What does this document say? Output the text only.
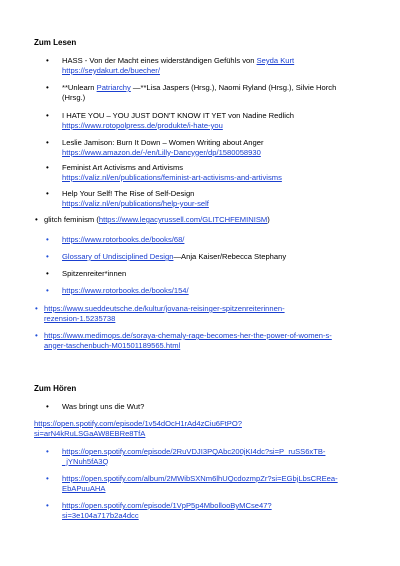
Zum Lesen
• HASS - Von der Macht eines widerständigen Gefühls von Seyda Kurt
https://seydakurt.de/buecher/
• **Unlearn Patriarchy —**Lisa Jaspers (Hrsg.), Naomi Ryland (Hrsg.), Silvie Horch
(Hrsg.)
• I HATE YOU – YOU JUST DON'T KNOW IT YET von Nadine Redlich
https://www.rotopolpress.de/produkte/i-hate-you
• Leslie Jamison: Burn It Down – Women Writing about Anger
https://www.amazon.de/-/en/Lilly-Dancyger/dp/1580058930
• Feminist Art Activisms and Artivisms
https://valiz.nl/en/publications/feminist-art-activisms-and-artivisms
• Help Your Self! The Rise of Self-Design
https://valiz.nl/en/publications/help-your-self
• glitch feminism (https://www.legacyrussell.com/GLITCHFEMINISM)
• https://www.rotorbooks.de/books/68/
• Glossary of Undisciplined Design—Anja Kaiser/Rebecca Stephany
• Spitzenreiter*innen
• https://www.rotorbooks.de/books/154/
• https://www.sueddeutsche.de/kultur/jovana-reisinger-spitzenreiterinnen-
rezension-1.5235738
• https://www.medimops.de/soraya-chemaly-rage-becomes-her-the-power-of-women-s-
anger-taschenbuch-M01501189565.html
Zum Hören
• Was bringt uns die Wut?
https://open.spotify.com/episode/1v54dOcH1rAd4zCiu6FtPO?
si=arN4kRuLSGaAW8EBRe8TfA
• https://open.spotify.com/episode/2RuVDJI3PQAbc200jKI4dc?si=P_ruSS6xTB-
_jYNuh5fA3Q
• https://open.spotify.com/album/2MWibSXNm6lhUQcdozmpZr?si=EGbjLbsCREea-
EbAPuuAHA
• https://open.spotify.com/episode/1VpP5p4MbollooByMCse47?
si=3e104a717b2a4dcc
